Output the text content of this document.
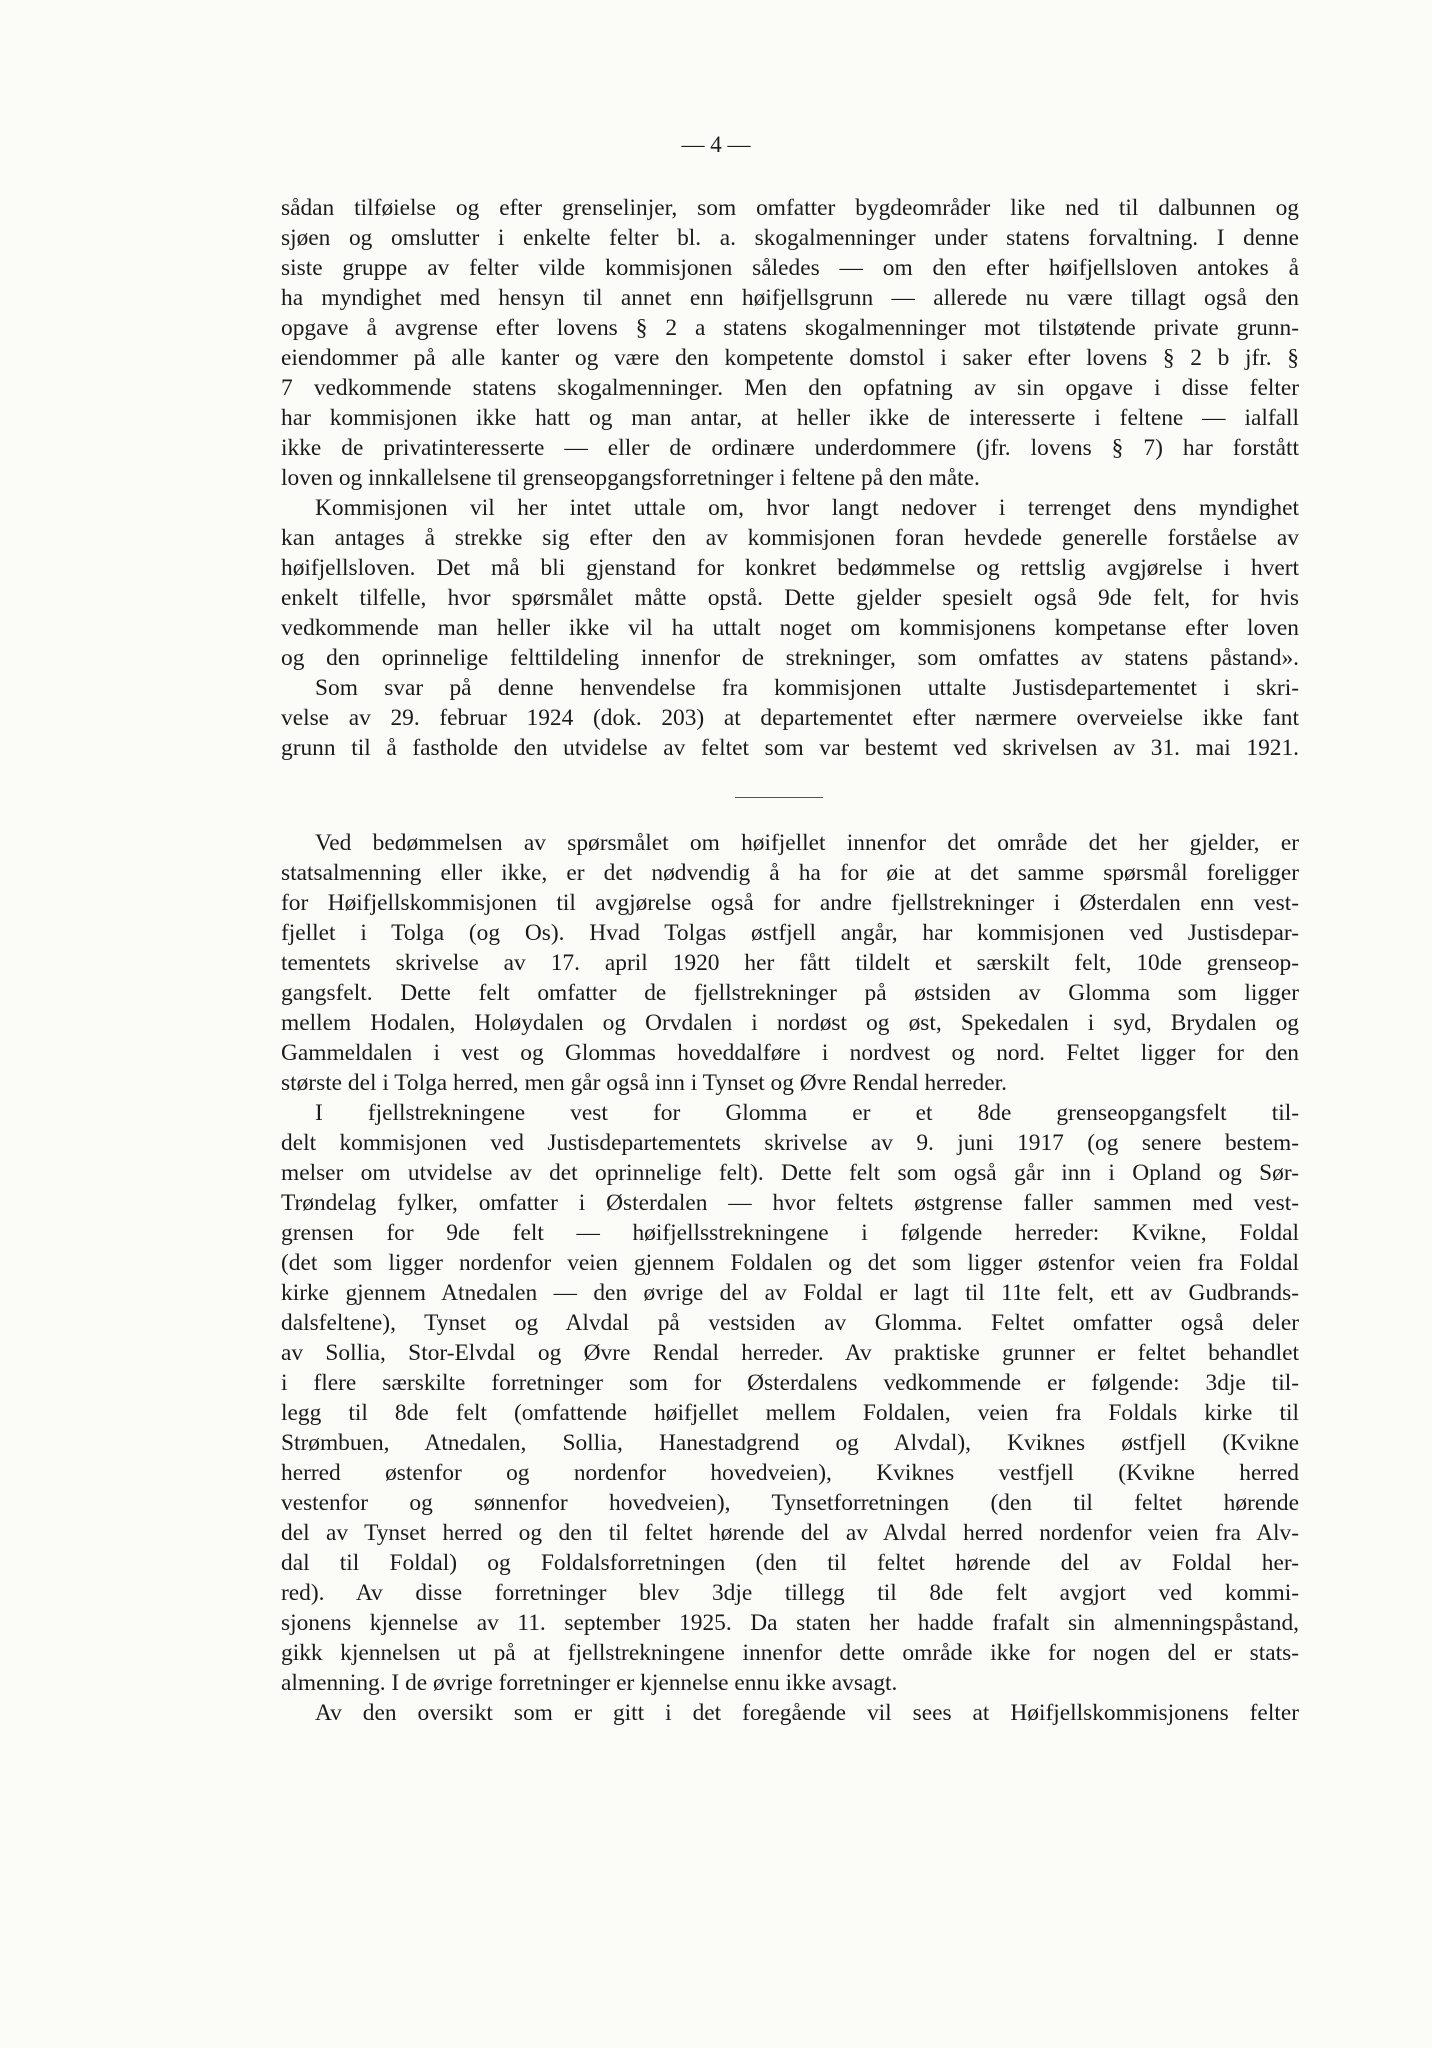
— 4 —
sådan tilføielse og efter grenselinjer, som omfatter bygdeområder like ned til dalbunnen og
sjøen og omslutter i enkelte felter bl. a. skogalmenninger under statens forvaltning. I denne
siste gruppe av felter vilde kommisjonen således — om den efter høifjellsloven antokes å
ha myndighet med hensyn til annet enn høifjellsgrunn — allerede nu være tillagt også den
opgave å avgrense efter lovens § 2 a statens skogalmenninger mot tilstøtende private grunn-
eiendommer på alle kanter og være den kompetente domstol i saker efter lovens § 2 b jfr. §
7 vedkommende statens skogalmenninger. Men den opfatning av sin opgave i disse felter
har kommisjonen ikke hatt og man antar, at heller ikke de interesserte i feltene — ialfall
ikke de privatinteresserte — eller de ordinære underdommere (jfr. lovens § 7) har forstått
loven og innkallelsene til grenseopgangsforretninger i feltene på den måte.
Kommisjonen vil her intet uttale om, hvor langt nedover i terrenget dens myndighet
kan antages å strekke sig efter den av kommisjonen foran hevdede generelle forståelse av
høifjellsloven. Det må bli gjenstand for konkret bedømmelse og rettslig avgjørelse i hvert
enkelt tilfelle, hvor spørsmålet måtte opstå. Dette gjelder spesielt også 9de felt, for hvis
vedkommende man heller ikke vil ha uttalt noget om kommisjonens kompetanse efter loven
og den oprinnelige felttildeling innenfor de strekninger, som omfattes av statens påstand».
Som svar på denne henvendelse fra kommisjonen uttalte Justisdepartementet i skri-
velse av 29. februar 1924 (dok. 203) at departementet efter nærmere overveielse ikke fant
grunn til å fastholde den utvidelse av feltet som var bestemt ved skrivelsen av 31. mai 1921.
Ved bedømmelsen av spørsmålet om høifjellet innenfor det område det her gjelder, er
statsalmenning eller ikke, er det nødvendig å ha for øie at det samme spørsmål foreligger
for Høifjellskommisjonen til avgjørelse også for andre fjellstrekninger i Østerdalen enn vest-
fjellet i Tolga (og Os). Hvad Tolgas østfjell angår, har kommisjonen ved Justisdepar-
tementets skrivelse av 17. april 1920 her fått tildelt et særskilt felt, 10de grenseop-
gangsfelt. Dette felt omfatter de fjellstrekninger på østsiden av Glomma som ligger
mellem Hodalen, Holøydalen og Orvdalen i nordøst og øst, Spekedalen i syd, Brydalen og
Gammeldalen i vest og Glommas hoveddalføre i nordvest og nord. Feltet ligger for den
største del i Tolga herred, men går også inn i Tynset og Øvre Rendal herreder.
I fjellstrekningene vest for Glomma er et 8de grenseopgangsfelt til-
delt kommisjonen ved Justisdepartementets skrivelse av 9. juni 1917 (og senere bestem-
melser om utvidelse av det oprinnelige felt). Dette felt som også går inn i Opland og Sør-
Trøndelag fylker, omfatter i Østerdalen — hvor feltets østgrense faller sammen med vest-
grensen for 9de felt — høifjellsstrekningene i følgende herreder: Kvikne, Foldal
(det som ligger nordenfor veien gjennem Foldalen og det som ligger østenfor veien fra Foldal
kirke gjennem Atnedalen — den øvrige del av Foldal er lagt til 11te felt, ett av Gudbrands-
dalsfeltene), Tynset og Alvdal på vestsiden av Glomma. Feltet omfatter også deler
av Sollia, Stor-Elvdal og Øvre Rendal herreder. Av praktiske grunner er feltet behandlet
i flere særskilte forretninger som for Østerdalens vedkommende er følgende: 3dje til-
legg til 8de felt (omfattende høifjellet mellem Foldalen, veien fra Foldals kirke til
Strømbuen, Atnedalen, Sollia, Hanestadgrend og Alvdal), Kviknes østfjell (Kvikne
herred østenfor og nordenfor hovedveien), Kviknes vestfjell (Kvikne herred
vestenfor og sønnenfor hovedveien), Tynsetforretningen (den til feltet hørende
del av Tynset herred og den til feltet hørende del av Alvdal herred nordenfor veien fra Alv-
dal til Foldal) og Foldalsforretningen (den til feltet hørende del av Foldal her-
red). Av disse forretninger blev 3dje tillegg til 8de felt avgjort ved kommi-
sjonens kjennelse av 11. september 1925. Da staten her hadde frafalt sin almenningspåstand,
gikk kjennelsen ut på at fjellstrekningene innenfor dette område ikke for nogen del er stats-
almenning. I de øvrige forretninger er kjennelse ennu ikke avsagt.
Av den oversikt som er gitt i det foregående vil sees at Høifjellskommisjonens felter
